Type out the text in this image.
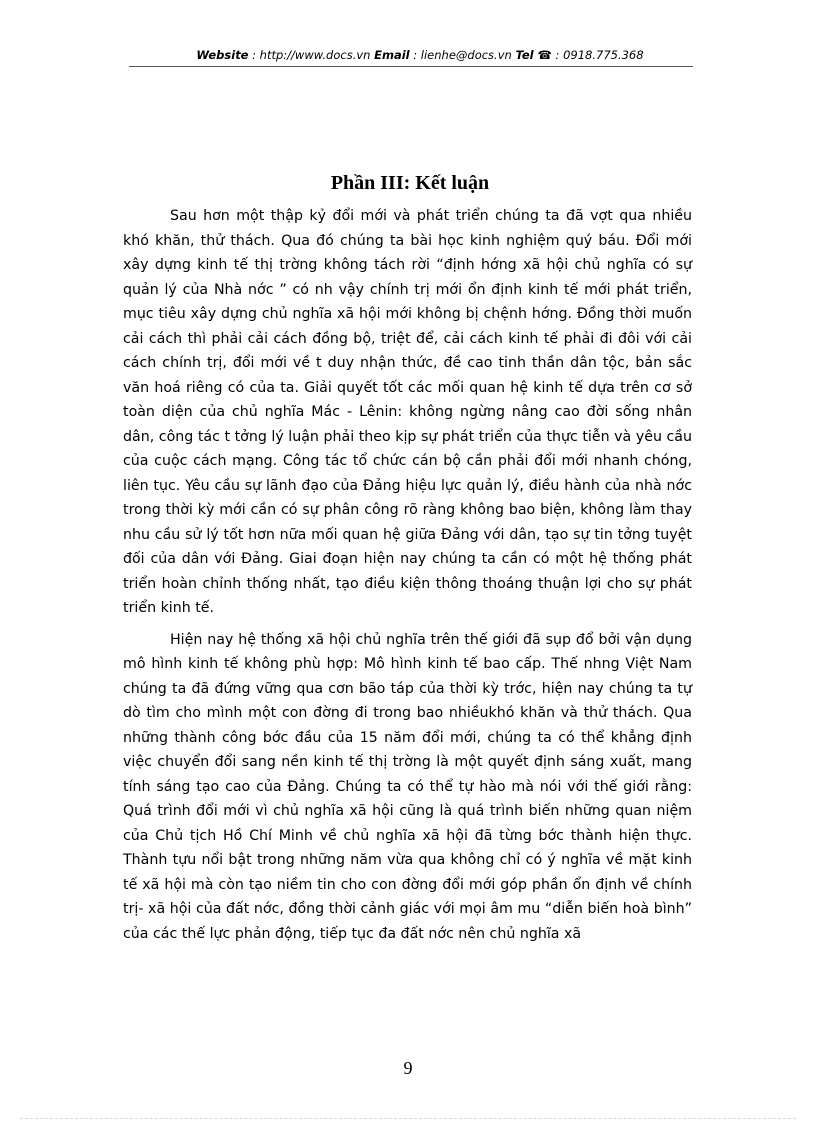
Website : http://www.docs.vn Email : lienhe@docs.vn Tel ☎ : 0918.775.368
Phần III: Kết luận

Sau hơn một thập kỷ đổi mới và phát triển chúng ta đã vợt qua nhiều khó khăn, thử thách. Qua đó chúng ta bài học kinh nghiệm quý báu. Đổi mới xây dựng kinh tế thị trờng không tách rời “định hớng xã hội chủ nghĩa có sự quản lý của Nhà nớc ” có nh vậy chính trị mới ổn định kinh tế mới phát triển, mục tiêu xây dựng chủ nghĩa xã hội mới không bị chệnh hớng. Đồng thời muốn cải cách thì phải cải cách đồng bộ, triệt để, cải cách kinh tế phải đi đôi với cải cách chính trị, đổi mới về t duy nhận thức, đề cao tinh thần dân tộc, bản sắc văn hoá riêng có của ta. Giải quyết tốt các mối quan hệ kinh tế dựa trên cơ sở toàn diện của chủ nghĩa Mác - Lênin: không ngừng nâng cao đời sống nhân dân, công tác t tởng lý luận phải theo kịp sự phát triển của thực tiễn và yêu cầu của cuộc cách mạng. Công tác tổ chức cán bộ cần phải đổi mới nhanh chóng, liên tục. Yêu cầu sự lãnh đạo của Đảng hiệu lực quản lý, điều hành của nhà nớc trong thời kỳ mới cần có sự phân công rõ ràng không bao biện, không làm thay nhu cầu sử lý tốt hơn nữa mối quan hệ giữa Đảng với dân, tạo sự tin tởng tuyệt đối của dân với Đảng. Giai đoạn hiện nay chúng ta cần có một hệ thống phát triển hoàn chỉnh thống nhất, tạo điều kiện thông thoáng thuận lợi cho sự phát triển kinh tế.

Hiện nay hệ thống xã hội chủ nghĩa trên thế giới đã sụp đổ bởi vận dụng mô hình kinh tế không phù hợp: Mô hình kinh tế bao cấp. Thế nhng Việt Nam chúng ta đã đứng vững qua cơn bão táp của thời kỳ trớc, hiện nay chúng ta tự dò tìm cho mình một con đờng đi trong bao nhiềukhó khăn và thử thách. Qua những thành công bớc đầu của 15 năm đổi mới, chúng ta có thể khẳng định việc chuyển đổi sang nền kinh tế thị trờng là một quyết định sáng xuất, mang tính sáng tạo cao của Đảng. Chúng ta có thể tự hào mà nói với thế giới rằng: Quá trình đổi mới vì chủ nghĩa xã hội cũng là quá trình biến những quan niệm của Chủ tịch Hồ Chí Minh về chủ nghĩa xã hội đã từng bớc thành hiện thực. Thành tựu nổi bật trong những năm vừa qua không chỉ có ý nghĩa về mặt kinh tế xã hội mà còn tạo niềm tin cho con đờng đổi mới góp phần ổn định về chính trị- xã hội của đất nớc, đồng thời cảnh giác với mọi âm mu “diễn biến hoà bình” của các thế lực phản động, tiếp tục đa đất nớc nên chủ nghĩa xã

9
